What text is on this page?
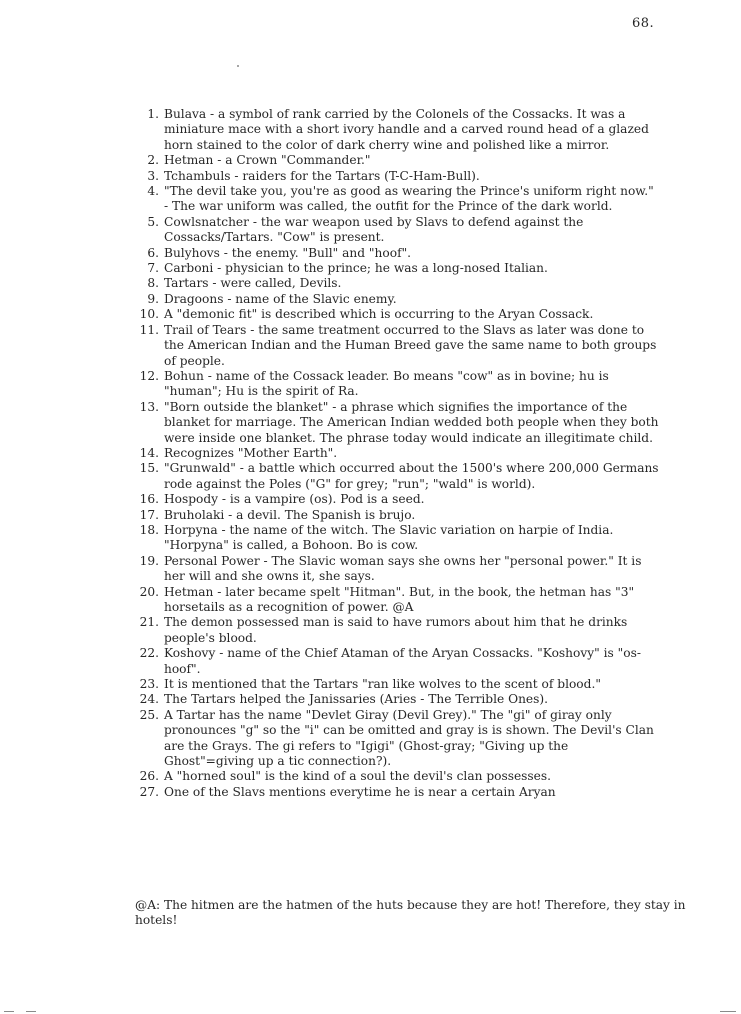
68.
1. Bulava - a symbol of rank carried by the Colonels of the Cossacks. It was a miniature mace with a short ivory handle and a carved round head of a glazed horn stained to the color of dark cherry wine and polished like a mirror.
2. Hetman - a Crown "Commander."
3. Tchambuls - raiders for the Tartars (T-C-Ham-Bull).
4. "The devil take you, you're as good as wearing the Prince's uniform right now." - The war uniform was called, the outfit for the Prince of the dark world.
5. Cowlsnatcher - the war weapon used by Slavs to defend against the Cossacks/Tartars. "Cow" is present.
6. Bulyhovs - the enemy. "Bull" and "hoof".
7. Carboni - physician to the prince; he was a long-nosed Italian.
8. Tartars - were called, Devils.
9. Dragoons - name of the Slavic enemy.
10. A "demonic fit" is described which is occurring to the Aryan Cossack.
11. Trail of Tears - the same treatment occurred to the Slavs as later was done to the American Indian and the Human Breed gave the same name to both groups of people.
12. Bohun - name of the Cossack leader. Bo means "cow" as in bovine; hu is "human"; Hu is the spirit of Ra.
13. "Born outside the blanket" - a phrase which signifies the importance of the blanket for marriage. The American Indian wedded both people when they both were inside one blanket. The phrase today would indicate an illegitimate child.
14. Recognizes "Mother Earth".
15. "Grunwald" - a battle which occurred about the 1500's where 200,000 Germans rode against the Poles ("G" for grey; "run"; "wald" is world).
16. Hospody - is a vampire (os). Pod is a seed.
17. Bruholaki - a devil. The Spanish is brujo.
18. Horpyna - the name of the witch. The Slavic variation on harpie of India. "Horpyna" is called, a Bohoon. Bo is cow.
19. Personal Power - The Slavic woman says she owns her "personal power." It is her will and she owns it, she says.
20. Hetman - later became spelt "Hitman". But, in the book, the hetman has "3" horsetails as a recognition of power. @A
21. The demon possessed man is said to have rumors about him that he drinks people's blood.
22. Koshovy - name of the Chief Ataman of the Aryan Cossacks. "Koshovy" is "os-hoof".
23. It is mentioned that the Tartars "ran like wolves to the scent of blood."
24. The Tartars helped the Janissaries (Aries - The Terrible Ones).
25. A Tartar has the name "Devlet Giray (Devil Grey)." The "gi" of giray only pronounces "g" so the "i" can be omitted and gray is is shown. The Devil's Clan are the Grays. The gi refers to "Igigi" (Ghost-gray; "Giving up the Ghost"=giving up a tic connection?).
26. A "horned soul" is the kind of a soul the devil's clan possesses.
27. One of the Slavs mentions everytime he is near a certain Aryan

@A: The hitmen are the hatmen of the huts because they are hot! Therefore, they stay in hotels!
